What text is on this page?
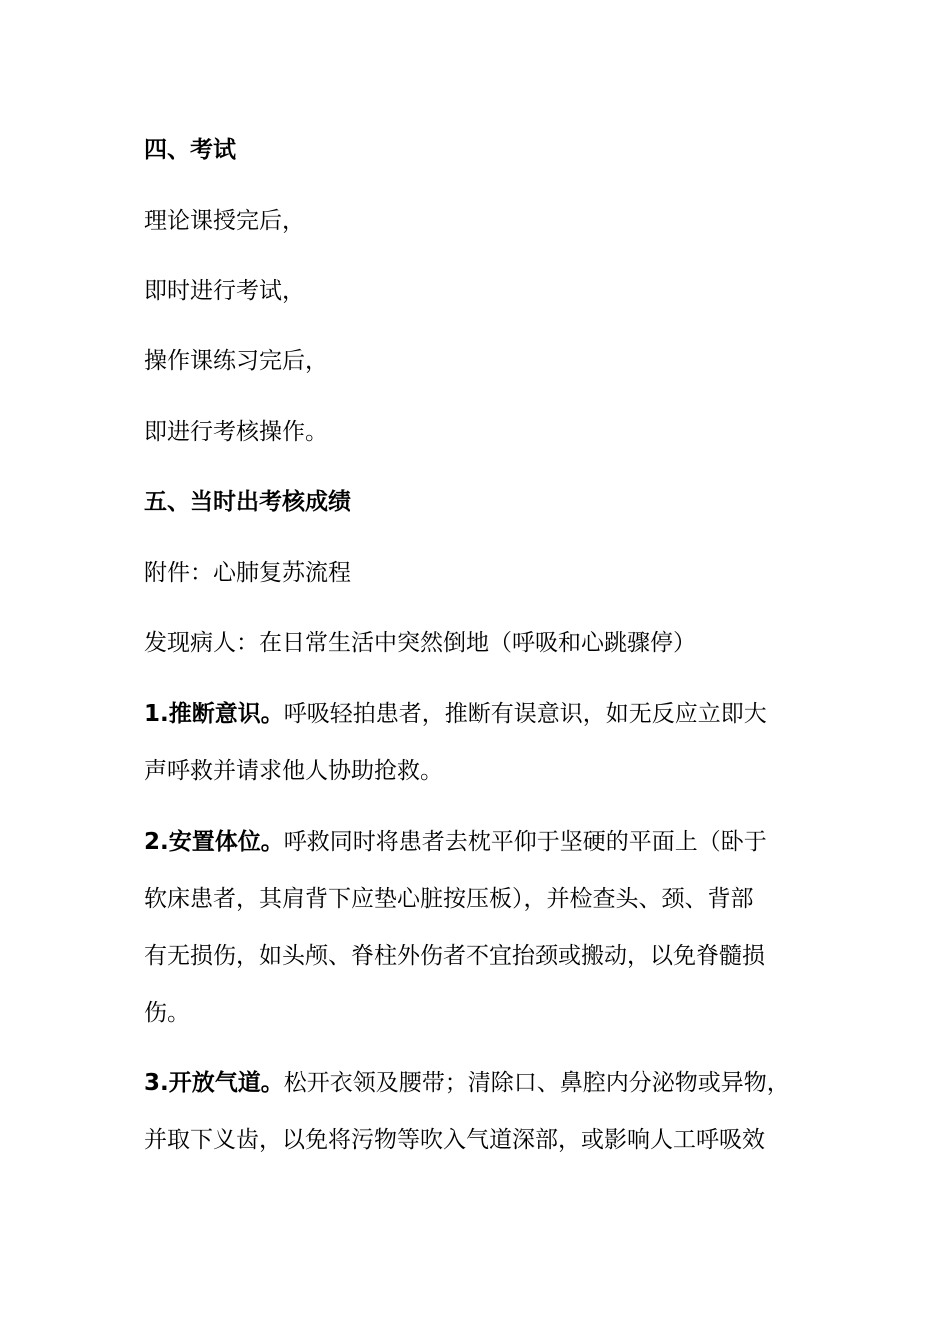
四、考试
理论课授完后，
即时进行考试，
操作课练习完后，
即进行考核操作。
五、当时出考核成绩
附件：心肺复苏流程
发现病人：在日常生活中突然倒地（呼吸和心跳骤停）
1.推断意识。呼吸轻拍患者，推断有误意识，如无反应立即大
声呼救并请求他人协助抢救。
2.安置体位。呼救同时将患者去枕平仰于坚硬的平面上（卧于
软床患者，其肩背下应垫心脏按压板），并检查头、颈、背部
有无损伤，如头颅、脊柱外伤者不宜抬颈或搬动，以免脊髓损
伤。
3.开放气道。松开衣领及腰带；清除口、鼻腔内分泌物或异物，
并取下义齿，以免将污物等吹入气道深部，或影响人工呼吸效
